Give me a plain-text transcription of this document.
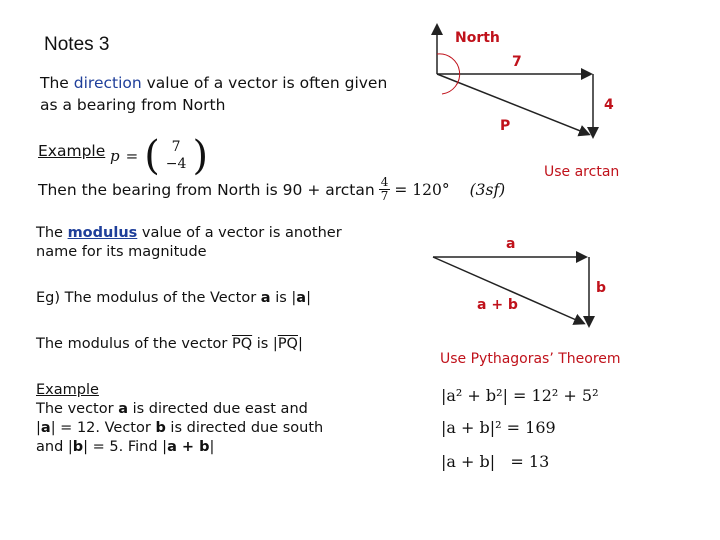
Notes 3
The direction value of a vector is often given
as a bearing from North
Example p = ( 7
−4 )
Then the bearing from North is $90 + \arctan \frac{4}{7} = 120^\circ$ (3sf)
The modulus value of a vector is another
name for its magnitude
Eg) The modulus of the Vector a is |a|
The modulus of the vector $\overline{PQ}$ is $|\overline{PQ}|$
Example
The vector a is directed due east and
|a| = 12. Vector b is directed due south
and |b| = 5. Find |a + b|
North
7
4
P
Use arctan
a
b
a + b
Use Pythagoras’ Theorem
|a² + b²| = 12² + 5²
|a + b|² = 169
|a + b|   = 13
